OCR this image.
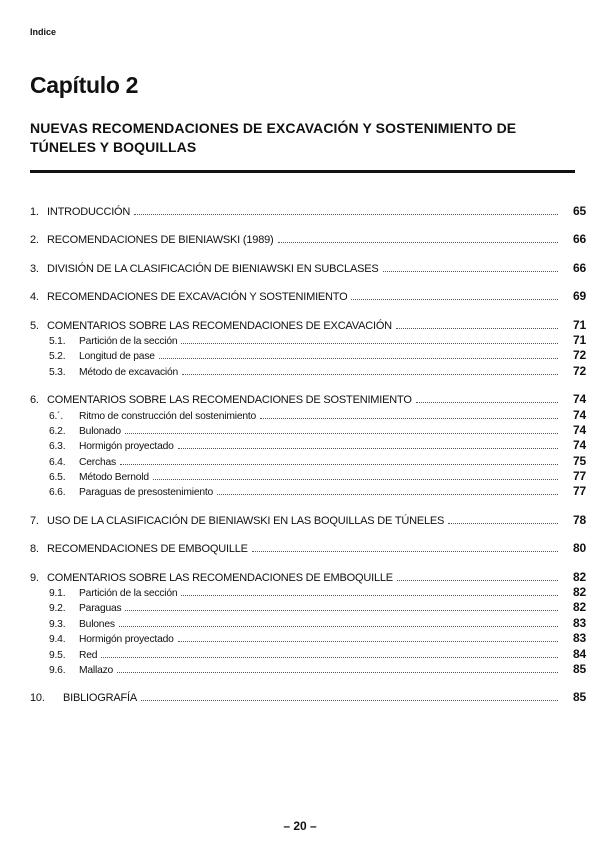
Indice
Capítulo 2
NUEVAS RECOMENDACIONES DE EXCAVACIÓN Y SOSTENIMIENTO DE TÚNELES Y BOQUILLAS
1. INTRODUCCIÓN	65
2. RECOMENDACIONES DE BIENIAWSKI (1989)	66
3. DIVISIÓN DE LA CLASIFICACIÓN DE BIENIAWSKI EN SUBCLASES	66
4. RECOMENDACIONES DE EXCAVACIÓN Y SOSTENIMIENTO	69
5. COMENTARIOS SOBRE LAS RECOMENDACIONES DE EXCAVACIÓN	71
5.1.	Partición de la sección	71
5.2.	Longitud de pase	72
5.3.	Método de excavación	72
6. COMENTARIOS SOBRE LAS RECOMENDACIONES DE SOSTENIMIENTO	74
6.´.	Ritmo de construcción del sostenimiento	74
6.2.	Bulonado	74
6.3.	Hormigón proyectado	74
6.4.	Cerchas	75
6.5.	Método Bernold	77
6.6.	Paraguas de presostenimiento	77
7. USO DE LA CLASIFICACIÓN DE BIENIAWSKI EN LAS BOQUILLAS DE TÚNELES	78
8. RECOMENDACIONES DE EMBOQUILLE	80
9. COMENTARIOS SOBRE LAS RECOMENDACIONES DE EMBOQUILLE	82
9.1.	Partición de la sección	82
9.2.	Paraguas	82
9.3.	Bulones	83
9.4.	Hormigón proyectado	83
9.5.	Red	84
9.6.	Mallazo	85
10.	BIBLIOGRAFÍA	85
– 20 –
